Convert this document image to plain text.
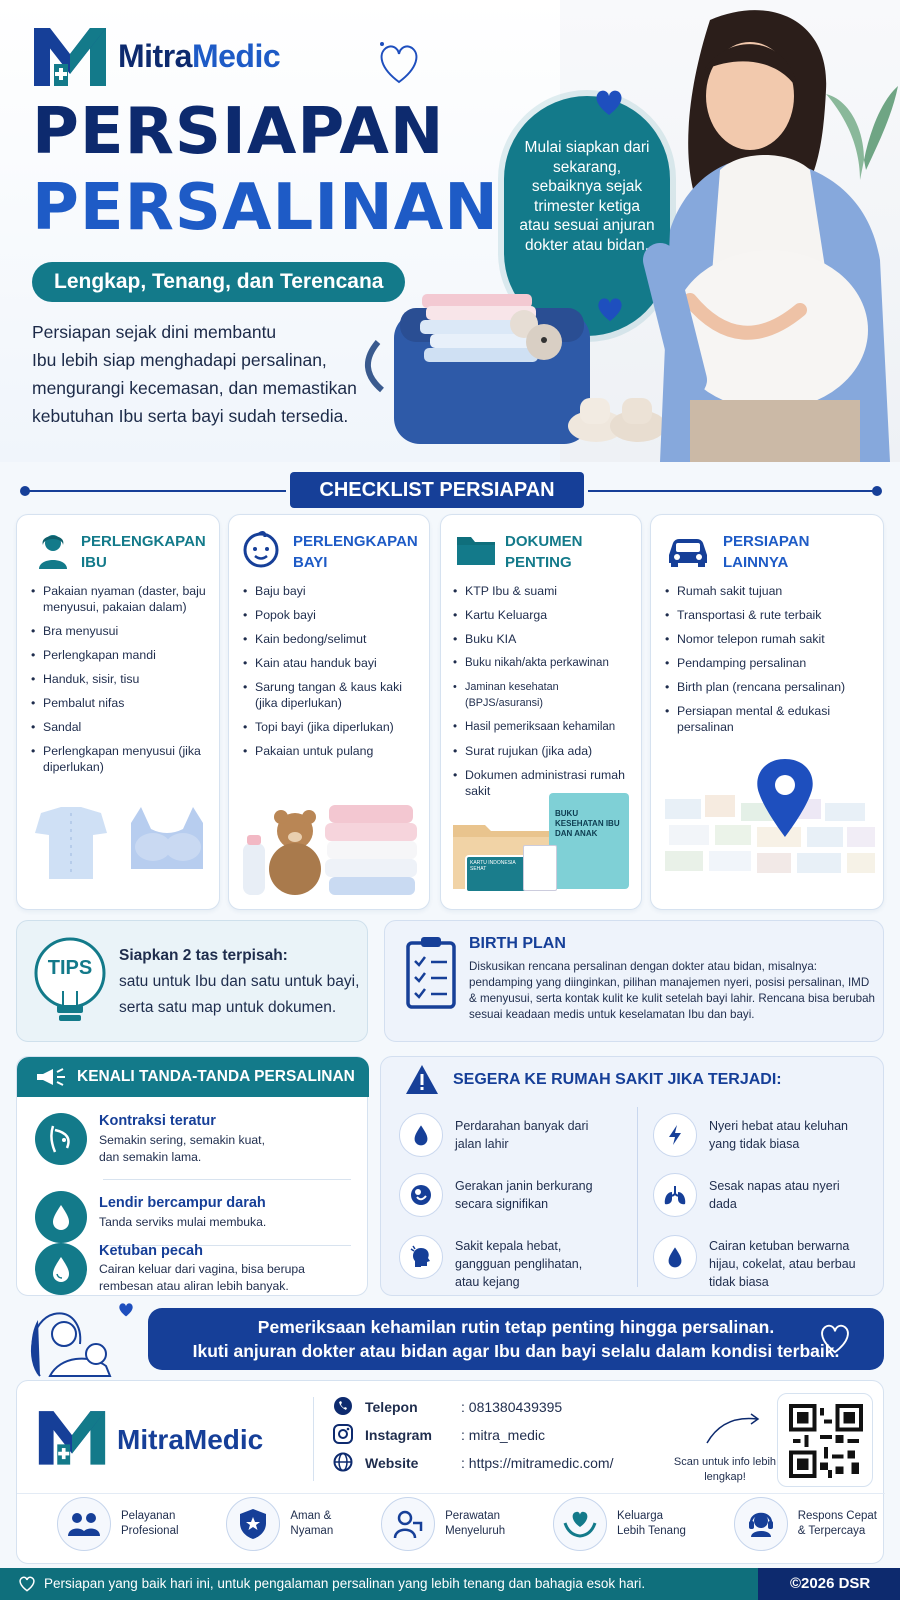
MitraMedic
PERSIAPAN
PERSALINAN
Lengkap, Tenang, dan Terencana
Persiapan sejak dini membantu
Ibu lebih siap menghadapi persalinan,
mengurangi kecemasan, dan memastikan
kebutuhan Ibu serta bayi sudah tersedia.
Mulai siapkan dari sekarang, sebaiknya sejak trimester ketiga atau sesuai anjuran dokter atau bidan.
CHECKLIST PERSIAPAN
PERLENGKAPAN
IBU
• Pakaian nyaman (daster, baju menyusui, pakaian dalam)
• Bra menyusui
• Perlengkapan mandi
• Handuk, sisir, tisu
• Pembalut nifas
• Sandal
• Perlengkapan menyusui (jika diperlukan)
PERLENGKAPAN
BAYI
• Baju bayi
• Popok bayi
• Kain bedong/selimut
• Kain atau handuk bayi
• Sarung tangan & kaus kaki (jika diperlukan)
• Topi bayi (jika diperlukan)
• Pakaian untuk pulang
DOKUMEN
PENTING
• KTP Ibu & suami
• Kartu Keluarga
• Buku KIA
• Buku nikah/akta perkawinan
• Jaminan kesehatan (BPJS/asuransi)
• Hasil pemeriksaan kehamilan
• Surat rujukan (jika ada)
• Dokumen administrasi rumah sakit
BUKU KESEHATAN IBU DAN ANAK
KARTU INDONESIA SEHAT
PERSIAPAN
LAINNYA
• Rumah sakit tujuan
• Transportasi & rute terbaik
• Nomor telepon rumah sakit
• Pendamping persalinan
• Birth plan (rencana persalinan)
• Persiapan mental & edukasi persalinan
TIPS
Siapkan 2 tas terpisah:
satu untuk Ibu dan satu untuk bayi,
serta satu map untuk dokumen.
BIRTH PLAN
Diskusikan rencana persalinan dengan dokter atau bidan, misalnya: pendamping yang diinginkan, pilihan manajemen nyeri, posisi persalinan, IMD & menyusui, serta kontak kulit ke kulit setelah bayi lahir. Rencana bisa berubah sesuai keadaan medis untuk keselamatan Ibu dan bayi.
KENALI TANDA-TANDA PERSALINAN
Kontraksi teratur
Semakin sering, semakin kuat, dan semakin lama.
Lendir bercampur darah
Tanda serviks mulai membuka.
Ketuban pecah
Cairan keluar dari vagina, bisa berupa rembesan atau aliran lebih banyak.
SEGERA KE RUMAH SAKIT JIKA TERJADI:
Perdarahan banyak dari jalan lahir
Nyeri hebat atau keluhan yang tidak biasa
Gerakan janin berkurang secara signifikan
Sesak napas atau nyeri dada
Sakit kepala hebat, gangguan penglihatan, atau kejang
Cairan ketuban berwarna hijau, cokelat, atau berbau tidak biasa
Pemeriksaan kehamilan rutin tetap penting hingga persalinan.
Ikuti anjuran dokter atau bidan agar Ibu dan bayi selalu dalam kondisi terbaik.
MitraMedic
Telepon	: 081380439395
Instagram	: mitra_medic
Website	: https://mitramedic.com/	Scan untuk info lebih lengkap!
Pelayanan
Profesional
Aman &
Nyaman
Perawatan
Menyeluruh
Keluarga
Lebih Tenang
Respons Cepat
& Terpercaya
Persiapan yang baik hari ini, untuk pengalaman persalinan yang lebih tenang dan bahagia esok hari.	©2026 DSR
